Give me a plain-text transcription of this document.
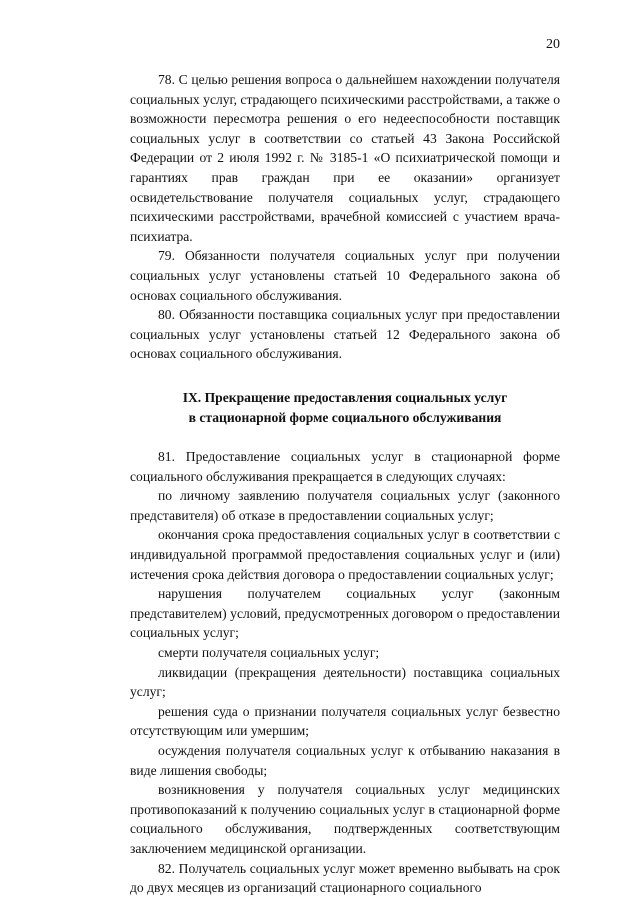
20

78. С целью решения вопроса о дальнейшем нахождении получателя социальных услуг, страдающего психическими расстройствами, а также о возможности пересмотра решения о его недееспособности поставщик социальных услуг в соответствии со статьей 43 Закона Российской Федерации от 2 июля 1992 г. № 3185-1 «О психиатрической помощи и гарантиях прав граждан при ее оказании» организует освидетельствование получателя социальных услуг, страдающего психическими расстройствами, врачебной комиссией с участием врача-психиатра.

79. Обязанности получателя социальных услуг при получении социальных услуг установлены статьей 10 Федерального закона об основах социального обслуживания.

80. Обязанности поставщика социальных услуг при предоставлении социальных услуг установлены статьей 12 Федерального закона об основах социального обслуживания.

IX. Прекращение предоставления социальных услуг
в стационарной форме социального обслуживания

81. Предоставление социальных услуг в стационарной форме социального обслуживания прекращается в следующих случаях:

по личному заявлению получателя социальных услуг (законного представителя) об отказе в предоставлении социальных услуг;

окончания срока предоставления социальных услуг в соответствии с индивидуальной программой предоставления социальных услуг и (или) истечения срока действия договора о предоставлении социальных услуг;

нарушения получателем социальных услуг (законным представителем) условий, предусмотренных договором о предоставлении социальных услуг;

смерти получателя социальных услуг;

ликвидации (прекращения деятельности) поставщика социальных услуг;

решения суда о признании получателя социальных услуг безвестно отсутствующим или умершим;

осуждения получателя социальных услуг к отбыванию наказания в виде лишения свободы;

возникновения у получателя социальных услуг медицинских противопоказаний к получению социальных услуг в стационарной форме социального обслуживания, подтвержденных соответствующим заключением медицинской организации.

82. Получатель социальных услуг может временно выбывать на срок до двух месяцев из организаций стационарного социального
